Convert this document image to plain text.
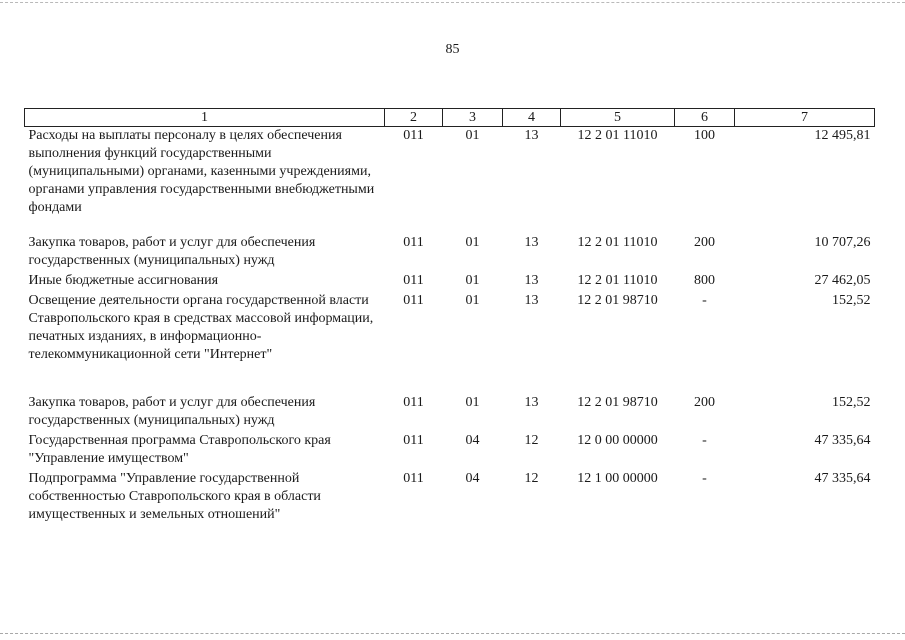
85
1	2	3	4	5	6	7
Расходы на выплаты персоналу в целях обеспечения выполнения функций государственными (муниципальными) органами, казенными учреждениями, органами управления государственными внебюджетными фондами	011	01	13	12 2 01 11010	100	12 495,81
Закупка товаров, работ и услуг для обеспечения государственных (муниципальных) нужд	011	01	13	12 2 01 11010	200	10 707,26
Иные бюджетные ассигнования	011	01	13	12 2 01 11010	800	27 462,05
Освещение деятельности органа государственной власти Ставропольского края в средствах массовой информации, печатных изданиях, в информационно-телекоммуникационной сети "Интернет"	011	01	13	12 2 01 98710	-	152,52
Закупка товаров, работ и услуг для обеспечения государственных (муниципальных) нужд	011	01	13	12 2 01 98710	200	152,52
Государственная программа Ставропольского края "Управление имуществом"	011	04	12	12 0 00 00000	-	47 335,64
Подпрограмма "Управление государственной собственностью Ставропольского края в области имущественных и земельных отношений"	011	04	12	12 1 00 00000	-	47 335,64
